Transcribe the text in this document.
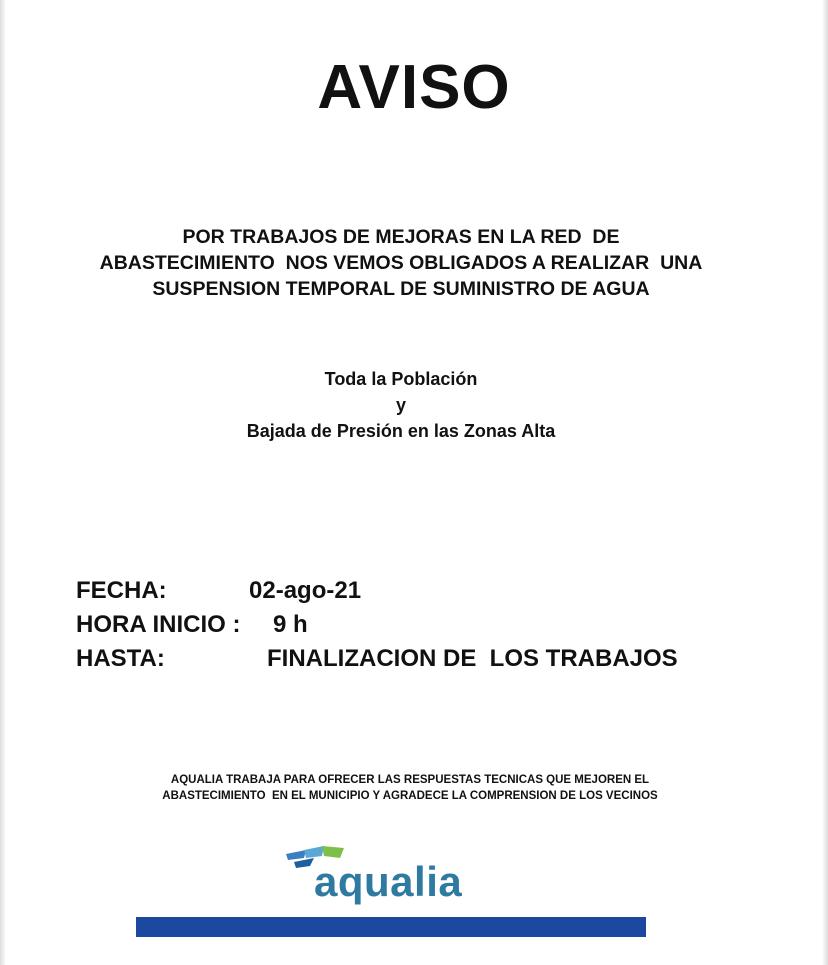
AVISO
POR TRABAJOS DE MEJORAS EN LA RED  DE
ABASTECIMIENTO  NOS VEMOS OBLIGADOS A REALIZAR  UNA
SUSPENSION TEMPORAL DE SUMINISTRO DE AGUA
Toda la Población
y
Bajada de Presión en las Zonas Alta

FECHA:

	02-ago-21

HORA INICIO :

9 h

HASTA:

	FINALIZACION DE  LOS TRABAJOS

AQUALIA TRABAJA PARA OFRECER LAS RESPUESTAS TECNICAS QUE MEJOREN EL
ABASTECIMIENTO  EN EL MUNICIPIO Y AGRADECE LA COMPRENSION DE LOS VECINOS
aqualia
